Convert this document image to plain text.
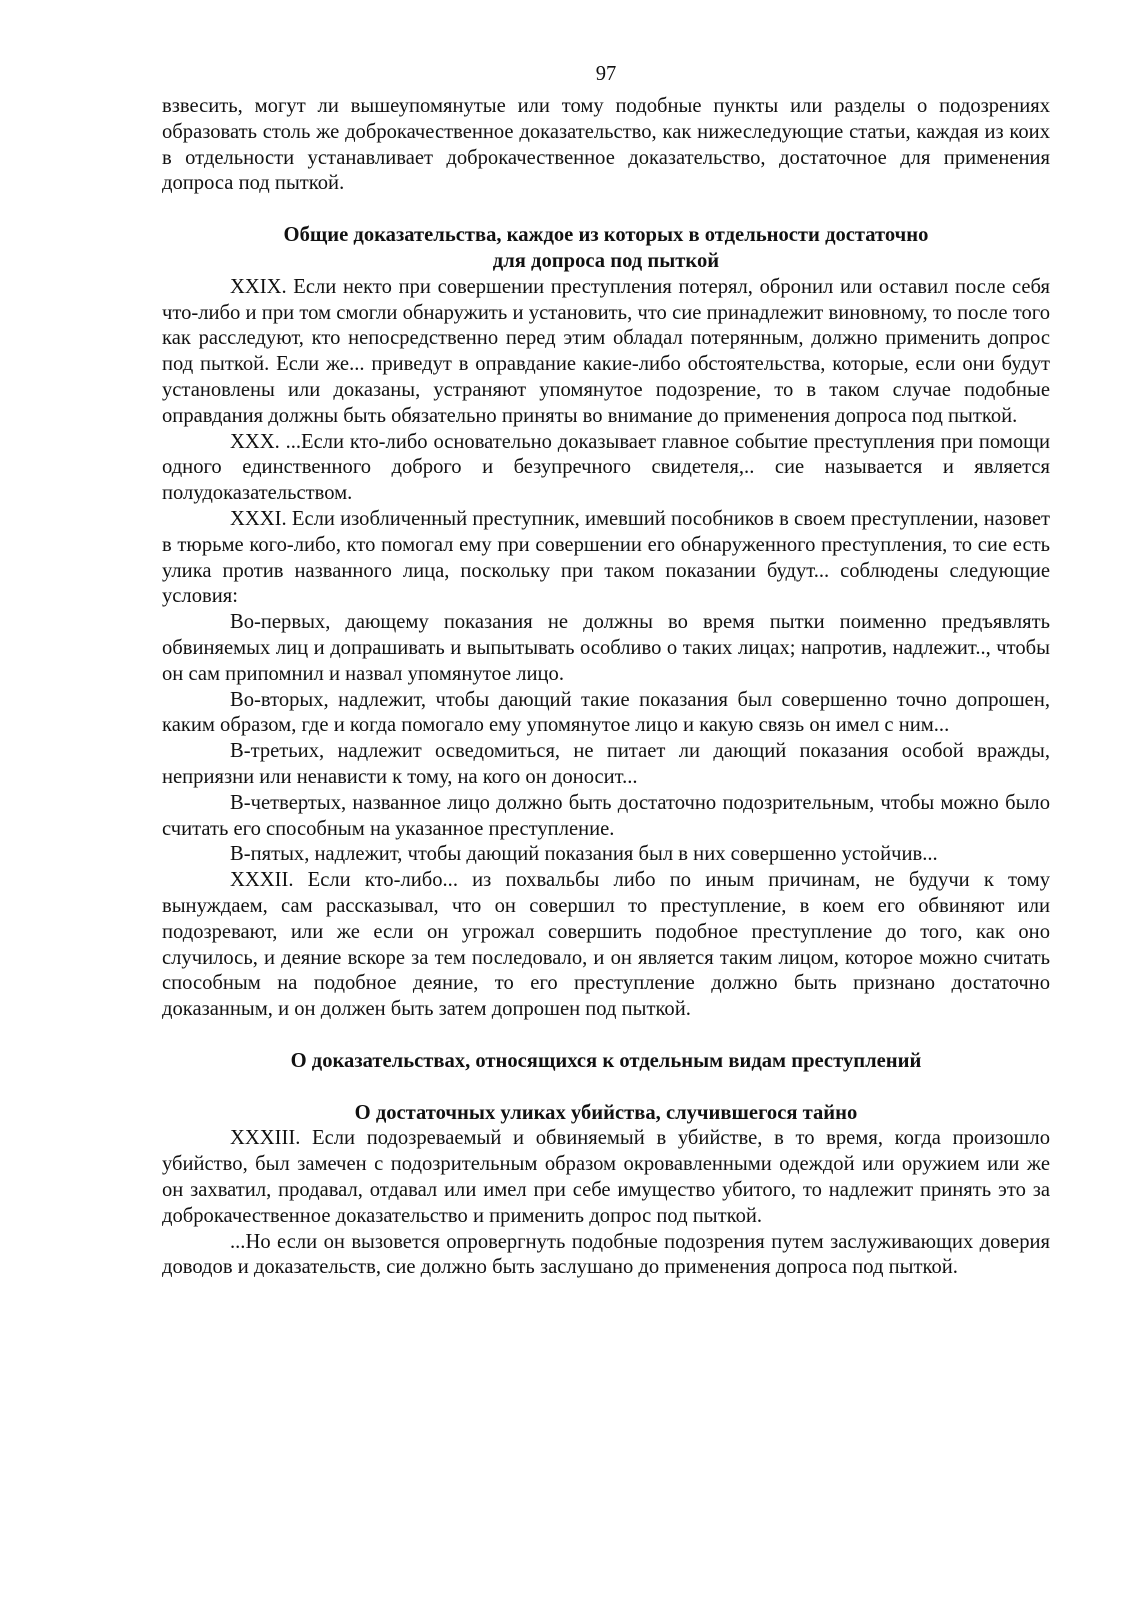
97

взвесить, могут ли вышеупомянутые или тому подобные пункты или разделы о подозрениях образовать столь же доброкачественное доказательство, как нижеследующие статьи, каждая из коих в отдельности устанавливает доброкачественное доказательство, достаточное для применения допроса под пыткой.

Общие доказательства, каждое из которых в отдельности достаточно
для допроса под пыткой

XXIX. Если некто при совершении преступления потерял, обронил или оставил после себя что-либо и при том смогли обнаружить и установить, что сие принадлежит виновному, то после того как расследуют, кто непосредственно перед этим обладал потерянным, должно применить допрос под пыткой. Если же... приведут в оправдание какие-либо обстоятельства, которые, если они будут установлены или доказаны, устраняют упомянутое подозрение, то в таком случае подобные оправдания должны быть обязательно приняты во внимание до применения допроса под пыткой.

XXX. ...Если кто-либо основательно доказывает главное событие преступления при помощи одного единственного доброго и безупречного свидетеля,.. сие называется и является полудоказательством.

XXXI. Если изобличенный преступник, имевший пособников в своем преступлении, назовет в тюрьме кого-либо, кто помогал ему при совершении его обнаруженного преступления, то сие есть улика против названного лица, поскольку при таком показании будут... соблюдены следующие условия:

Во-первых, дающему показания не должны во время пытки поименно предъявлять обвиняемых лиц и допрашивать и выпытывать особливо о таких лицах; напротив, надлежит.., чтобы он сам припомнил и назвал упомянутое лицо.

Во-вторых, надлежит, чтобы дающий такие показания был совершенно точно допрошен, каким образом, где и когда помогало ему упомянутое лицо и какую связь он имел с ним...

В-третьих, надлежит осведомиться, не питает ли дающий показания особой вражды, неприязни или ненависти к тому, на кого он доносит...

В-четвертых, названное лицо должно быть достаточно подозрительным, чтобы можно было считать его способным на указанное преступление.

В-пятых, надлежит, чтобы дающий показания был в них совершенно устойчив...

XXXII. Если кто-либо... из похвальбы либо по иным причинам, не будучи к тому вынуждаем, сам рассказывал, что он совершил то преступление, в коем его обвиняют или подозревают, или же если он угрожал совершить подобное преступление до того, как оно случилось, и деяние вскоре за тем последовало, и он является таким лицом, которое можно считать способным на подобное деяние, то его преступление должно быть признано достаточно доказанным, и он должен быть затем допрошен под пыткой.

О доказательствах, относящихся к отдельным видам преступлений
О достаточных уликах убийства, случившегося тайно

XXXIII. Если подозреваемый и обвиняемый в убийстве, в то время, когда произошло убийство, был замечен с подозрительным образом окровавленными одеждой или оружием или же он захватил, продавал, отдавал или имел при себе имущество убитого, то надлежит принять это за доброкачественное доказательство и применить допрос под пыткой.

...Но если он вызовется опровергнуть подобные подозрения путем заслуживающих доверия доводов и доказательств, сие должно быть заслушано до применения допроса под пыткой.
